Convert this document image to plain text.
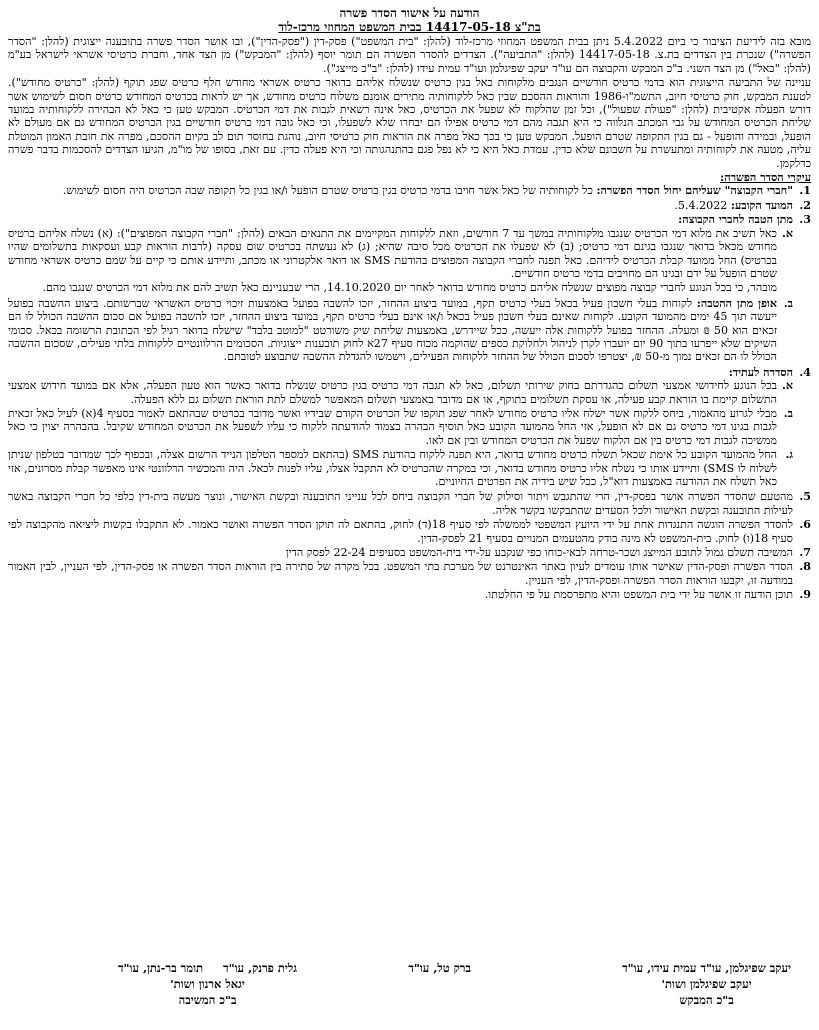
הודעה על אישור הסדר פשרה
בת"צ 14417-05-18 בבית המשפט המחוזי מרכז-לוד

מובא בזה לידיעת הציבור כי ביום 5.4.2022 ניתן בבית המשפט המחוזי מרכז-לוד (להלן: "בית המשפט") פסק-דין ("פסק-הדין"), ובו אושר הסדר פשרה בתובענה ייצוגית (להלן: "הסדר הפשרה") שנכרת בין הצדדים בת.צ. 14417-05-18 (להלן: "התביעה"). הצדדים להסדר הפשרה הם תומר יוסף (להלן: "המבקש") מן הצד אחד, וחברת כרטיסי אשראי לישראל בע"מ (להלן: "כאל") מן הצד השני. ב"כ המבקש והקבוצה הם עו"ד יעקב שפיגלמן ועו"ד עמית עידו (להלן: "ב"כ מייצג").

עניינה של התביעה הייצוגית הוא בדמי כרטיס חודשיים הנגבים מלקוחות כאל בגין כרטיס שנשלח אליהם בדואר כרטיס אשראי מחודש חלף כרטיס שפג תוקף (להלן: "כרטיס מחודש"). לטענת המבקש, חוק כרטיסי חיוב, התשמ"ו-1986 והוראות ההסכם שבין כאל ללקוחותיה מתירים אומנם משלוח כרטיס מחודש, אך יש לראות בכרטיס המחודש כרטיס חסום לשימוש אשר דורש הפעלה אקטיבית (להלן: "פעולת שפעול"), וכל זמן שהלקוח לא שפעל את הכרטיס, כאל אינה רשאית לגבות את דמי הכרטיס. המבקש טען כי כאל לא הבהירה ללקוחותיה במועד שליחת הכרטיס המחודש על גבי המכתב הנלווה כי היא תגבה מהם דמי כרטיס אפילו הם יבחרו שלא לשפעלו, וכי כאל גובה דמי כרטיס חודשיים בגין הכרטיס המחודש גם אם מעולם לא הופעל, ובמידה והופעל - גם בגין התקופה שטרם הופעל. המבקש טען כי בכך כאל מפרה את הוראות חוק כרטיסי חיוב, נוהגת בחוסר תום לב בקיום ההסכם, מפרה את חובת האמון המוטלת עליה, מטעה את לקוחותיה ומתעשרת על חשבונם שלא כדין. עמדת כאל היא כי לא נפל פגם בהתנהגותה וכי היא פעלה כדין. עם זאת, בסופו של מו"מ, הגיעו הצדדים להסכמות בדבר פשרה כדלקמן.

עיקרי הסדר הפשרה:
1.
"חברי הקבוצה" שעליהם יחול הסדר הפשרה: כל לקוחותיה של כאל אשר חויבו בדמי כרטיס בגין כרטיס שטרם הופעל ו/או בגין כל תקופה שבה הכרטיס היה חסום לשימוש.
2.
המועד הקובע: 5.4.2022.
3.
מתן הטבה לחברי הקבוצה:
א.

כאל תשיב את מלוא דמי הכרטיס שנגבו מלקוחותיה במשך עד 7 חודשים, וזאת ללקוחות המקיימים את התנאים הבאים (להלן: "חברי הקבוצה המפוצים"): (א) נשלח אליהם כרטיס מחודש מכאל בדואר שנגבו בגינם דמי כרטיס; (ב) לא שפעלו את הכרטיס מכל סיבה שהיא; (ג) לא נעשתה בכרטיס שום עסקה (לרבות הוראות קבע ועסקאות בתשלומים שהיו בכרטיס) החל ממועד קבלת הכרטיס לידיהם. כאל תפנה לחברי הקבוצה המפוצים בהודעת SMS או דואר אלקטרוני או מכתב, ותיידע אותם כי קיים על שמם כרטיס אשראי מחודש שטרם הופעל על ידם ובגינו הם מחויבים בדמי כרטיס חודשיים.

מובהר, כי בכל הנוגע לחברי קבוצה מפוצים שנשלח אליהם כרטיס מחודש בדואר לאחר יום 14.10.2020, הרי שבעניינם כאל תשיב להם את מלוא דמי הכרטיס שנגבו מהם.

ב.
אופן מתן ההטבה: לקוחות בעלי חשבון פעיל בכאל בעלי כרטיס תקף, במועד ביצוע ההחזר, יזכו להשבה בפועל באמצעות זיכוי כרטיס האשראי שברשותם. ביצוע ההשבה בפועל ייעשה תוך 45 ימים מהמועד הקובע. לקוחות שאינם בעלי חשבון פעיל בכאל ו/או אינם בעלי כרטיס תקף, במועד ביצוע ההחזר, יזכו להשבה בפועל אם סכום ההשבה הכולל לו הם זכאים הוא 50 ₪ ומעלה. ההחזר בפועל ללקוחות אלה ייעשה, ככל שיידרש, באמצעות שליחת שיק משורטט "למוטב בלבד" שישלח בדואר רגיל לפי הכתובת הרשומה בכאל. סכומי השיקים שלא ייפרעו בתוך 90 יום יועברו לקרן לניהול ולחלוקת כספים שהוקמה מכוח סעיף 27א לחוק תובענות ייצוגיות. הסכומים הרלוונטיים ללקוחות בלתי פעילים, שסכום ההשבה הכולל לו הם זכאים נמוך מ-50 ₪, יצטרפו לסכום הכולל של ההחזר ללקוחות הפעילים, וישמשו להגדלת ההשבה שתבוצע לטובתם.
4.
הסדרה לעתיד:
א.
בכל הנוגע לחידושי אמצעי תשלום כהגדרתם בחוק שירותי תשלום, כאל לא תגבה דמי כרטיס בגין כרטיס שנשלח בדואר כאשר הוא טעון הפעלה, אלא אם במועד חידוש אמצעי התשלום קיימת בו הוראת קבע פעילה, או עסקת תשלומים בתוקף, או אם מדובר באמצעי תשלום המאפשר למשלם לתת הוראת תשלום גם ללא הפעלה.
ב.
מבלי לגרוע מהאמור, ביחס ללקוח אשר ישלח אליו כרטיס מחודש לאחר שפג תוקפו של הכרטיס הקודם שבידיו ואשר מדובר בכרטיס שבהתאם לאמור בסעיף 4(א) לעיל כאל זכאית לגבות בגינו דמי כרטיס גם אם לא הופעל, אזי החל מהמועד הקובע כאל תוסיף הבהרה בצמוד להודעתה ללקוח כי עליו לשפעל את הכרטיס המחודש שקיבל. בהבהרה יצוין כי כאל ממשיכה לגבות דמי כרטיס בין אם הלקוח שפעל את הכרטיס המחודש ובין אם לאו.
ג.
החל מהמועד הקובע כל אימת שכאל תשלח כרטיס מחודש בדואר, היא תפנה ללקוח בהודעת SMS (בהתאם למספר הטלפון הנייד הרשום אצלה, ובכפוף לכך שמדובר בטלפון שניתן לשלוח לו SMS) ותיידע אותו כי נשלח אליו כרטיס מחודש בדואר, וכי במקרה שהכרטיס לא התקבל אצלו, עליו לפנות לכאל. היה והמכשיר הרלוונטי אינו מאפשר קבלת מסרונים, אזי כאל תשלח את ההודעה באמצעות דוא"ל, ככל שיש בידיה את הפרטים החיוניים.
5.
מהטעם שהסדר הפשרה אושר בפסק-דין, הרי שהתגבש ויתור וסילוק של חברי הקבוצה ביחס לכל ענייני התובענה ובקשת האישור, ונוצר מעשה בית-דין כלפי כל חברי הקבוצה באשר לעילות התובענה ובקשת האישור ולכל הסעדים שהתבקשו בקשר אליה.
6.
להסדר הפשרה הוגשה התנגדות אחת על ידי היועץ המשפטי לממשלה לפי סעיף 18(ד) לחוק, בהתאם לה תוקן הסדר הפשרה ואושר כאמור. לא התקבלו בקשות ליציאה מהקבוצה לפי סעיף 18(ו) לחוק. בית-המשפט לא מינה בודק מהטעמים המנויים בסעיף 21 לפסק-הדין.
7.
המשיבה תשלם גמול לתובע המייצג ושכר-טרחה לבאי-כוחו כפי שנקבע על-ידי בית-המשפט בסעיפים 22-24 לפסק הדין
8.
הסדר הפשרה ופסק-הדין שאישר אותו עומדים לעיון באתר האינטרנט של מערכת בתי המשפט. בכל מקרה של סתירה בין הוראות הסדר הפשרה או פסק-הדין, לפי העניין, לבין האמור במודעה זו, יקבעו הוראות הסדר הפשרה ופסק-הדין, לפי העניין.
9.
תוכן הודעה זו אושר על ידי בית המשפט והיא מתפרסמת על פי החלטתו.
יעקב שפיגלמן, עו"ד עמית עידו, עו"ד
יעקב שפיגלמן ושות'
ב"כ המבקש
ברק טל, עו"ד
גלית פרנק, עו"ד     תומר בר-נתן, עו"ד
יגאל ארנון ושות'
ב"כ המשיבה
